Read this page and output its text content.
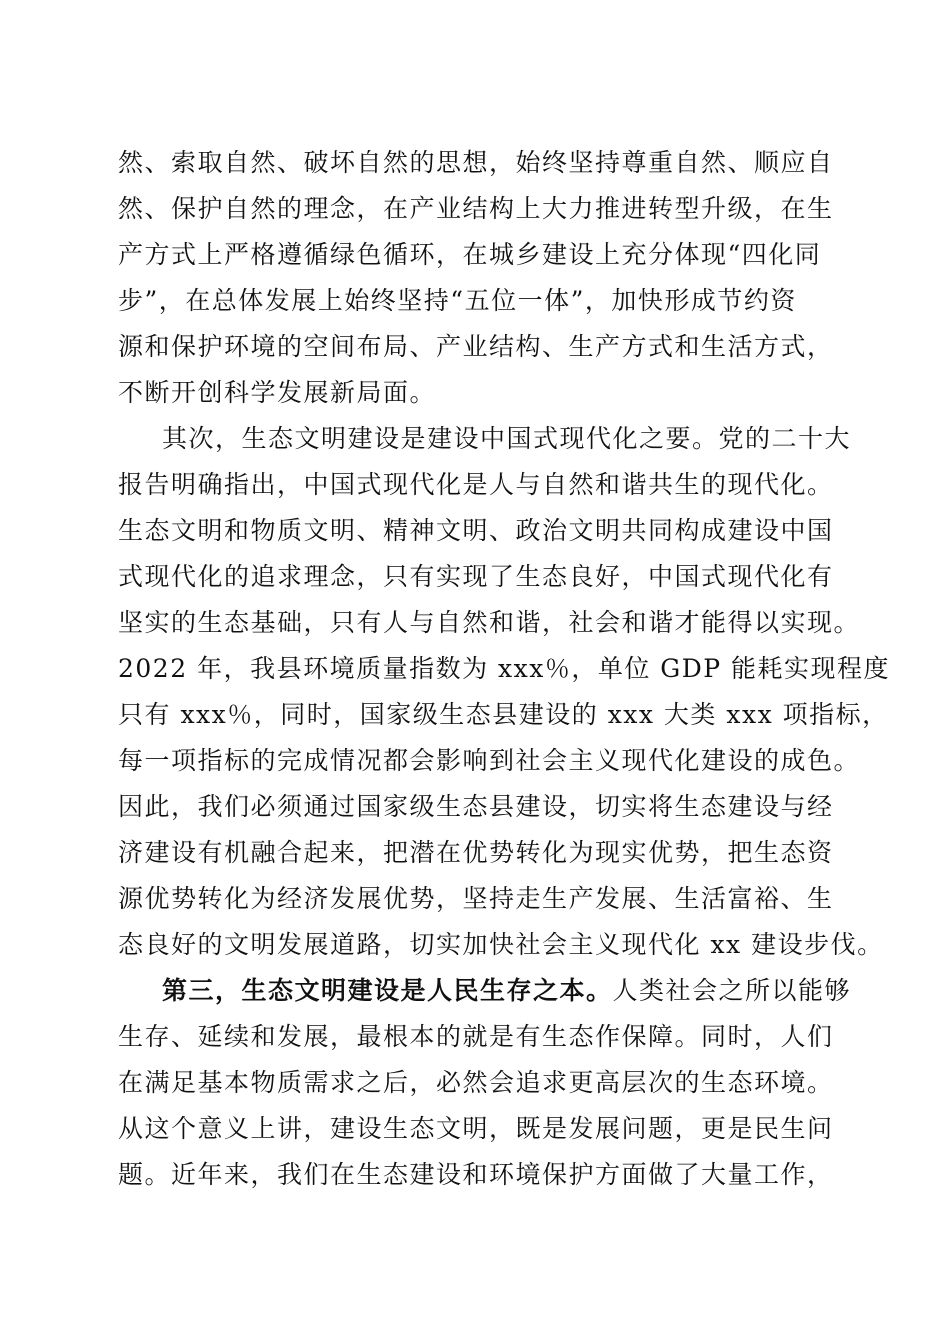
然、索取自然、破坏自然的思想，始终坚持尊重自然、顺应自
然、保护自然的理念，在产业结构上大力推进转型升级，在生
产方式上严格遵循绿色循环，在城乡建设上充分体现“四化同
步”，在总体发展上始终坚持“五位一体”，加快形成节约资
源和保护环境的空间布局、产业结构、生产方式和生活方式，
不断开创科学发展新局面。
其次，生态文明建设是建设中国式现代化之要。党的二十大
报告明确指出，中国式现代化是人与自然和谐共生的现代化。
生态文明和物质文明、精神文明、政治文明共同构成建设中国
式现代化的追求理念，只有实现了生态良好，中国式现代化有
坚实的生态基础，只有人与自然和谐，社会和谐才能得以实现。
2022 年，我县环境质量指数为 xxx％，单位 GDP 能耗实现程度
只有 xxx％，同时，国家级生态县建设的 xxx 大类 xxx 项指标，
每一项指标的完成情况都会影响到社会主义现代化建设的成色。
因此，我们必须通过国家级生态县建设，切实将生态建设与经
济建设有机融合起来，把潜在优势转化为现实优势，把生态资
源优势转化为经济发展优势，坚持走生产发展、生活富裕、生
态良好的文明发展道路，切实加快社会主义现代化 xx 建设步伐。
第三，生态文明建设是人民生存之本。人类社会之所以能够
生存、延续和发展，最根本的就是有生态作保障。同时，人们
在满足基本物质需求之后，必然会追求更高层次的生态环境。
从这个意义上讲，建设生态文明，既是发展问题，更是民生问
题。近年来，我们在生态建设和环境保护方面做了大量工作，
